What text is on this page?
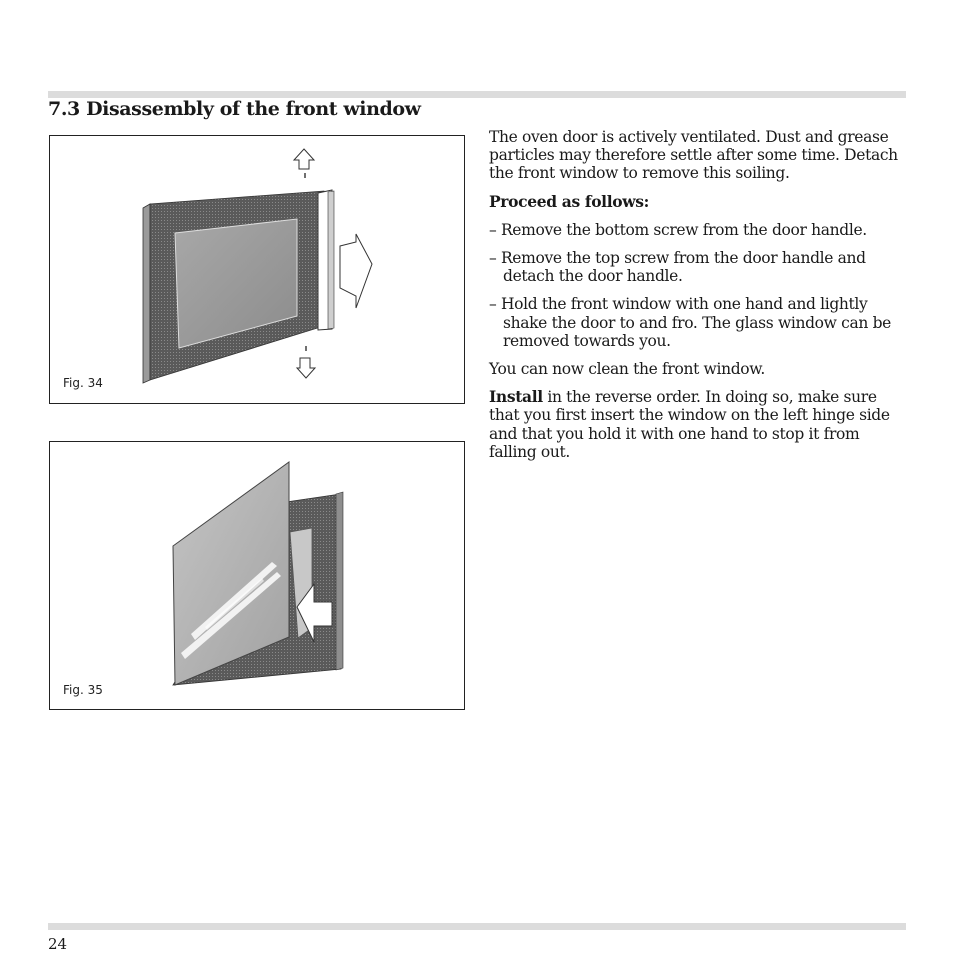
7.3 Disassembly of the front window
Fig. 34
Fig. 35

The oven door is actively ventilated. Dust and grease particles may therefore settle after some time. Detach the front window to remove this soiling.

Proceed as follows:

– Remove the bottom screw from the door handle.

– Remove the top screw from the door handle and detach the door handle.

– Hold the front window with one hand and lightly shake the door to and fro. The glass window can be removed towards you.

You can now clean the front window.

Install in the reverse order. In doing so, make sure that you first insert the window on the left hinge side and that you hold it with one hand to stop it from falling out.

24
